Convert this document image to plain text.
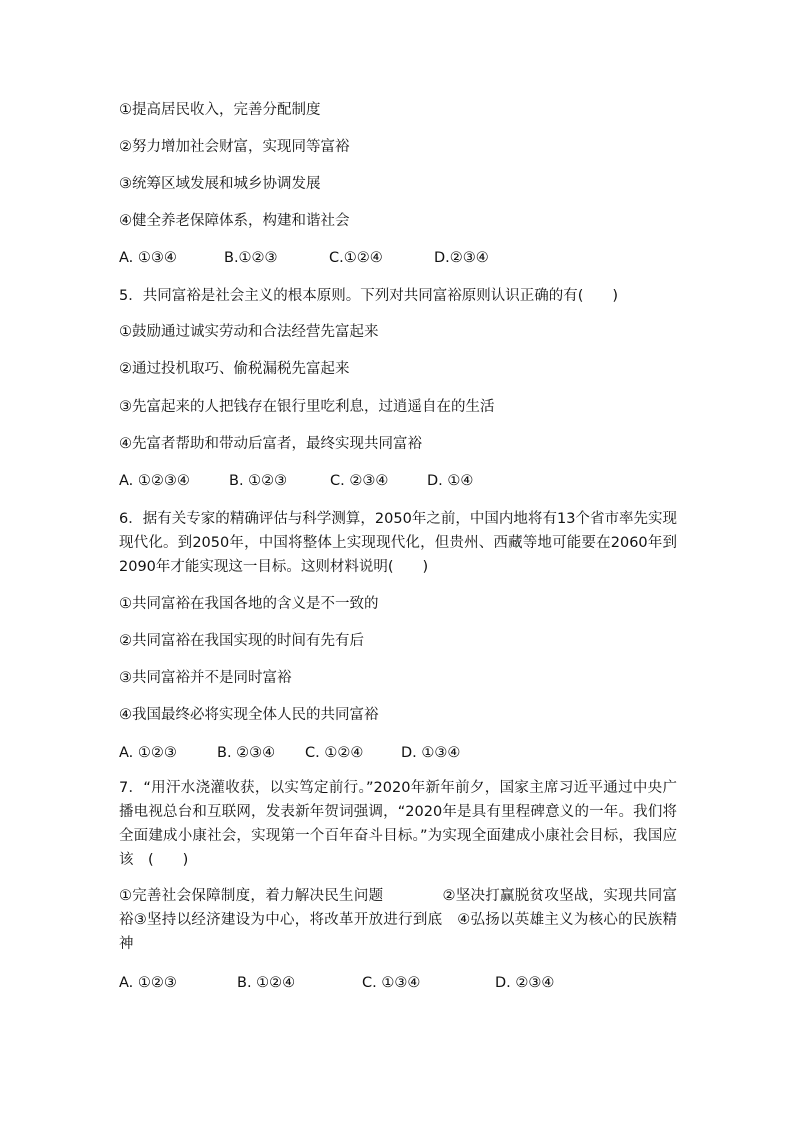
①提高居民收入，完善分配制度
②努力增加社会财富，实现同等富裕
③统筹区域发展和城乡协调发展
④健全养老保障体系，构建和谐社会
A. ①③④	B.①②③	C.①②④	D.②③④
5．共同富裕是社会主义的根本原则。下列对共同富裕原则认识正确的有(　　)
①鼓励通过诚实劳动和合法经营先富起来
②通过投机取巧、偷税漏税先富起来
③先富起来的人把钱存在银行里吃利息，过逍遥自在的生活
④先富者帮助和带动后富者，最终实现共同富裕
A. ①②③④	B. ①②③	C. ②③④	D. ①④
6．据有关专家的精确评估与科学测算，2050年之前，中国内地将有13个省市率先实现现代化。到2050年，中国将整体上实现现代化，但贵州、西藏等地可能要在2060年到2090年才能实现这一目标。这则材料说明(　　)
①共同富裕在我国各地的含义是不一致的
②共同富裕在我国实现的时间有先有后
③共同富裕并不是同时富裕
④我国最终必将实现全体人民的共同富裕
A. ①②③	B. ②③④ C. ①②④	D. ①③④
7．“用汗水浇灌收获，以实笃定前行。”2020年新年前夕，国家主席习近平通过中央广播电视总台和互联网，发表新年贺词强调，“2020年是具有里程碑意义的一年。我们将全面建成小康社会，实现第一个百年奋斗目标。”为实现全面建成小康社会目标，我国应该　(　　)
①完善社会保障制度，着力解决民生问题　　　　②坚决打赢脱贫攻坚战，实现共同富裕③坚持以经济建设为中心，将改革开放进行到底　④弘扬以英雄主义为核心的民族精神
A. ①②③	B. ①②④	C. ①③④	D. ②③④
